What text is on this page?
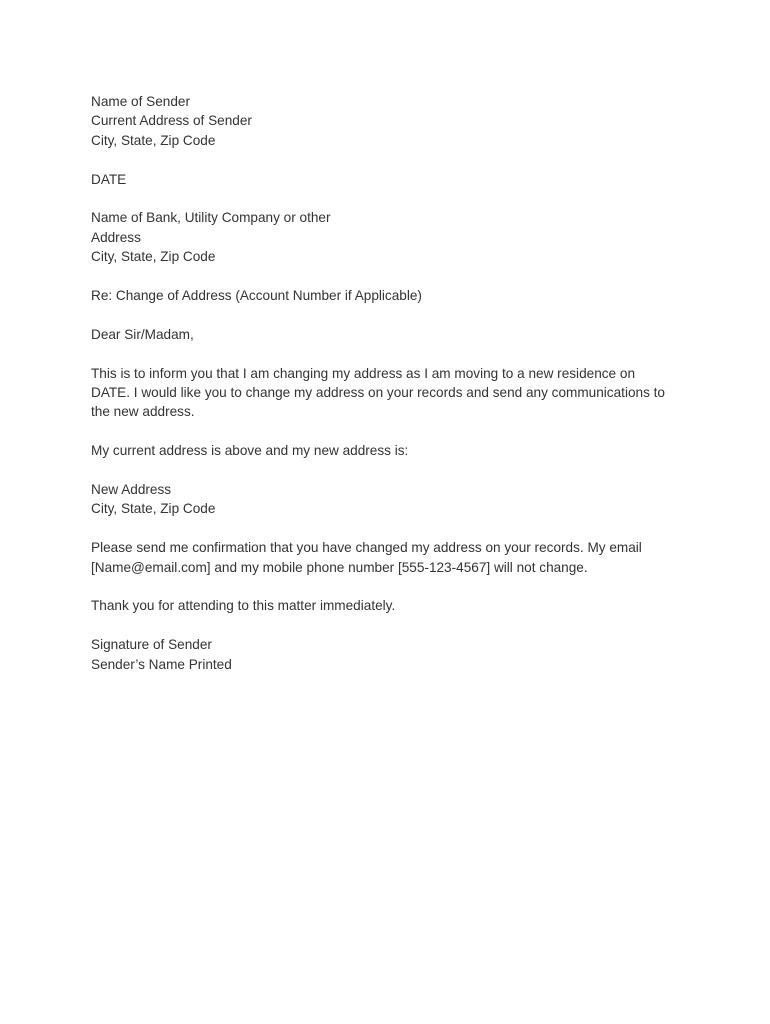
Name of Sender
Current Address of Sender
City, State, Zip Code
DATE
Name of Bank, Utility Company or other
Address
City, State, Zip Code
Re: Change of Address (Account Number if Applicable)
Dear Sir/Madam,
This is to inform you that I am changing my address as I am moving to a new residence on
DATE. I would like you to change my address on your records and send any communications to
the new address.
My current address is above and my new address is:
New Address
City, State, Zip Code
Please send me confirmation that you have changed my address on your records. My email
[Name@email.com] and my mobile phone number [555-123-4567] will not change.
Thank you for attending to this matter immediately.
Signature of Sender
Sender’s Name Printed
